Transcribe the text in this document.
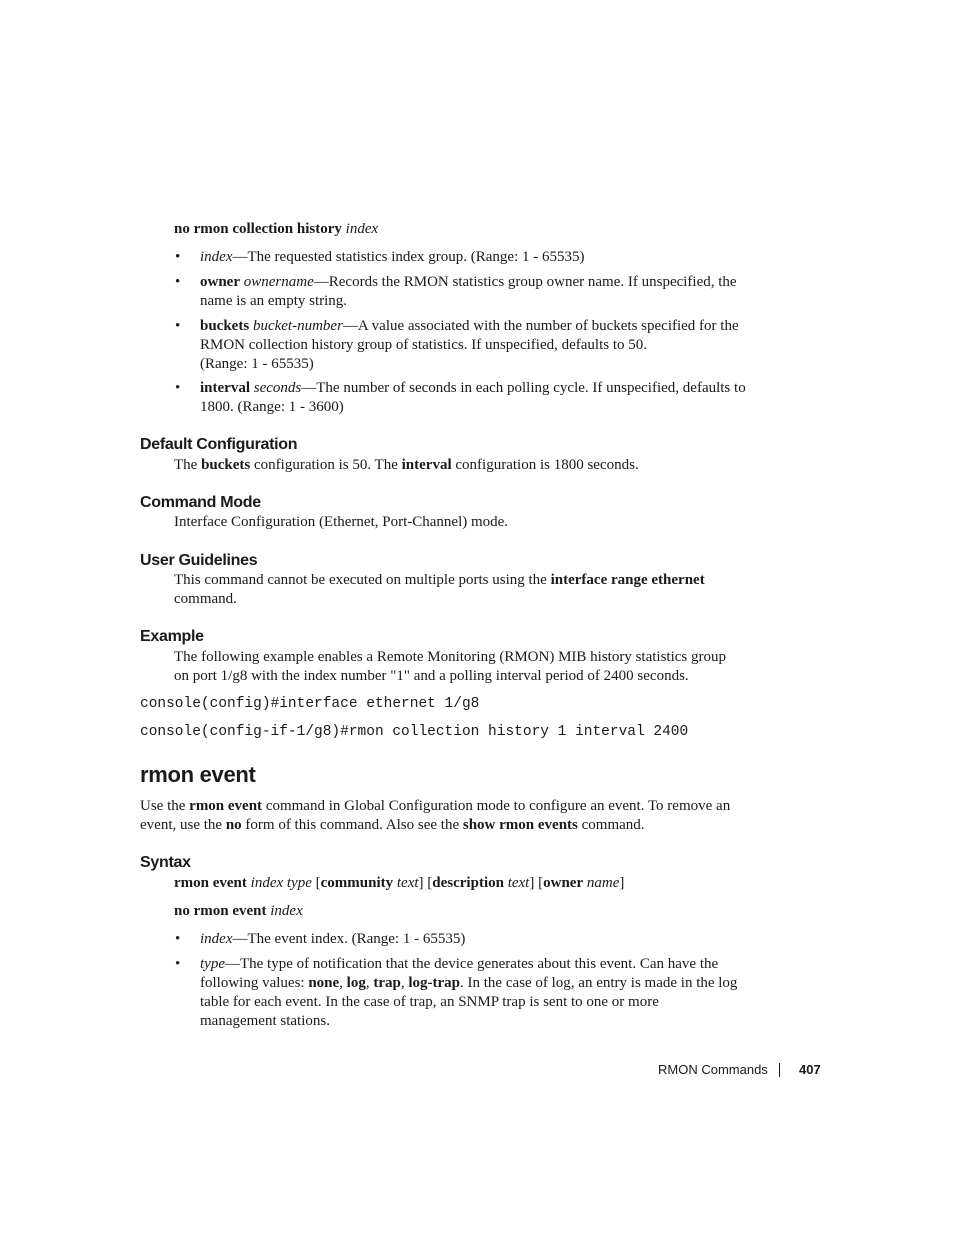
no rmon collection history index
•	index—The requested statistics index group. (Range: 1 - 65535)
•	owner ownername—Records the RMON statistics group owner name. If unspecified, the
name is an empty string.
•	buckets bucket-number—A value associated with the number of buckets specified for the
RMON collection history group of statistics. If unspecified, defaults to 50.
(Range: 1 - 65535)
•	interval seconds—The number of seconds in each polling cycle. If unspecified, defaults to
1800. (Range: 1 - 3600)
Default Configuration
The buckets configuration is 50. The interval configuration is 1800 seconds.
Command Mode
Interface Configuration (Ethernet, Port-Channel) mode.
User Guidelines
This command cannot be executed on multiple ports using the interface range ethernet
command.
Example
The following example enables a Remote Monitoring (RMON) MIB history statistics group
on port 1/g8 with the index number "1" and a polling interval period of 2400 seconds.
console(config)#interface ethernet 1/g8
console(config-if-1/g8)#rmon collection history 1 interval 2400
rmon event
Use the rmon event command in Global Configuration mode to configure an event. To remove an
event, use the no form of this command. Also see the show rmon events command.
Syntax
rmon event index type [community text] [description text] [owner name]
no rmon event index
•	index—The event index. (Range: 1 - 65535)
•	type—The type of notification that the device generates about this event. Can have the
following values: none, log, trap, log-trap. In the case of log, an entry is made in the log
table for each event. In the case of trap, an SNMP trap is sent to one or more
management stations.
RMON Commands 407
